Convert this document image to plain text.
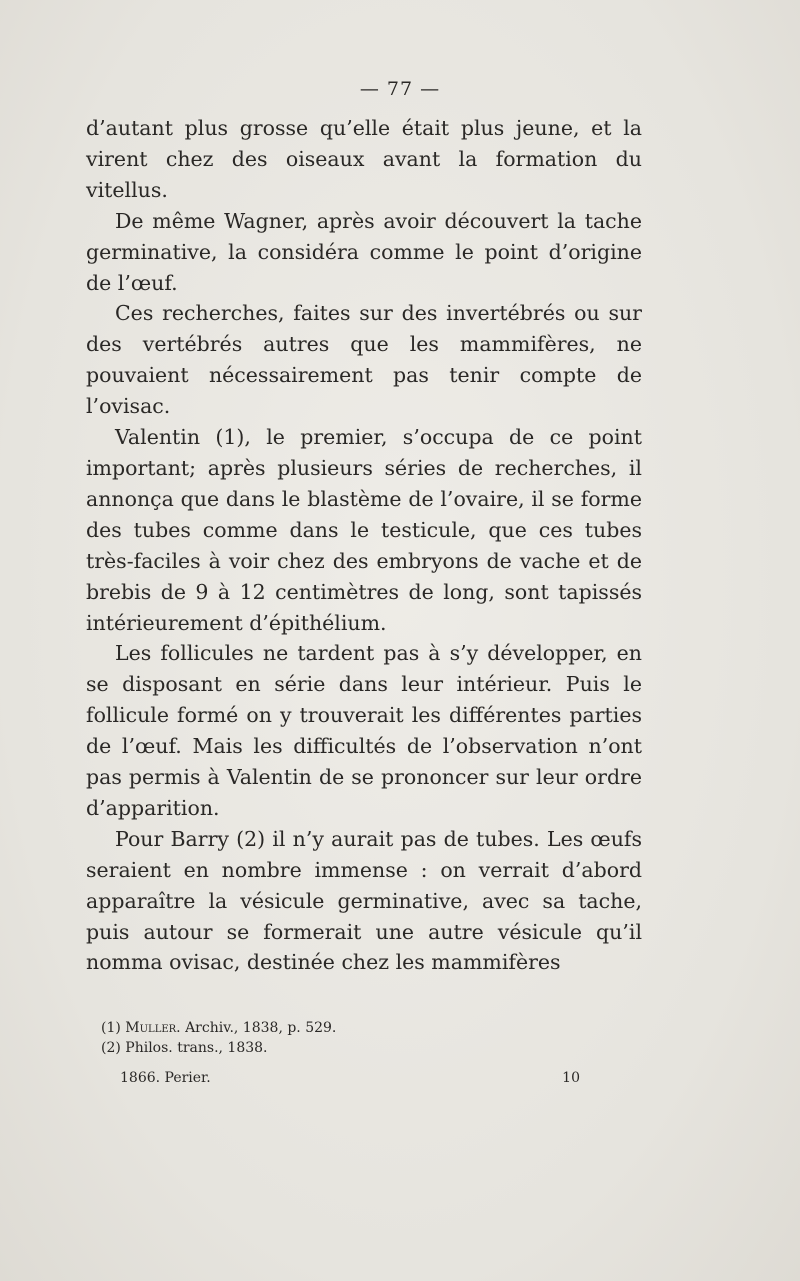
— 77 —

d’autant plus grosse qu’elle était plus jeune, et la virent chez des oiseaux avant la formation du vitellus.

De même Wagner, après avoir découvert la tache germinative, la considéra comme le point d’origine de l’œuf.

Ces recherches, faites sur des invertébrés ou sur des vertébrés autres que les mammifères, ne pouvaient nécessairement pas tenir compte de l’ovisac.

Valentin (1), le premier, s’occupa de ce point important; après plusieurs séries de recherches, il annonça que dans le blastème de l’ovaire, il se forme des tubes comme dans le testicule, que ces tubes très-faciles à voir chez des embryons de vache et de brebis de 9 à 12 centimètres de long, sont tapissés intérieurement d’épithélium.

Les follicules ne tardent pas à s’y développer, en se disposant en série dans leur intérieur. Puis le follicule formé on y trouverait les différentes parties de l’œuf. Mais les difficultés de l’observation n’ont pas permis à Valentin de se prononcer sur leur ordre d’apparition.

Pour Barry (2) il n’y aurait pas de tubes. Les œufs seraient en nombre immense : on verrait d’abord apparaître la vésicule germinative, avec sa tache, puis autour se formerait une autre vésicule qu’il nomma ovisac, destinée chez les mammifères

(1) Muller. Archiv., 1838, p. 529.

(2) Philos. trans., 1838.

1866. Perier.	10
